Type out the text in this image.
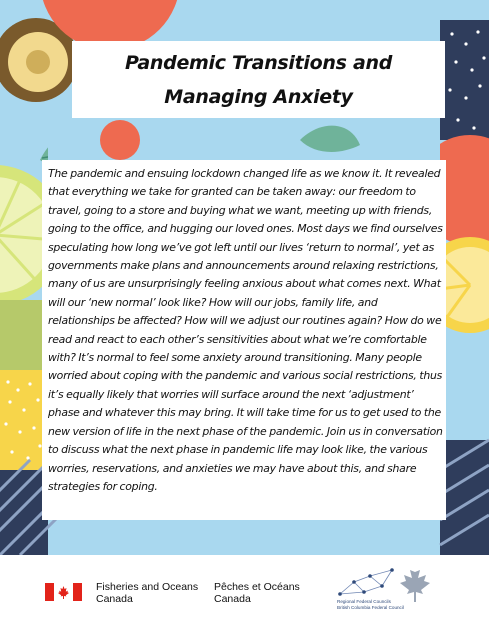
Pandemic Transitions and
Managing Anxiety

The pandemic and ensuing lockdown changed life as we know it. It revealed that everything we take for granted can be taken away: our freedom to travel, going to a store and buying what we want, meeting up with friends, going to the office, and hugging our loved ones. Most days we find ourselves speculating how long we’ve got left until our lives ‘return to normal’, yet as governments make plans and announcements around relaxing restrictions, many of us are unsurprisingly feeling anxious about what comes next. What will our ‘new normal’ look like? How will our jobs, family life, and relationships be affected? How will we adjust our routines again? How do we read and react to each other’s sensitivities about what we’re comfortable with? It’s normal to feel some anxiety around transitioning. Many people worried about coping with the pandemic and various social restrictions, thus it’s equally likely that worries will surface around the next ‘adjustment’ phase and whatever this may bring. It will take time for us to get used to the new version of life in the next phase of the pandemic. Join us in conversation to discuss what the next phase in pandemic life may look like, the various worries, reservations, and anxieties we may have about this, and share strategies for coping.

Fisheries and Oceans
Canada
Pêches et Océans
Canada	Regional Federal Councils
British Columbia Federal Council
